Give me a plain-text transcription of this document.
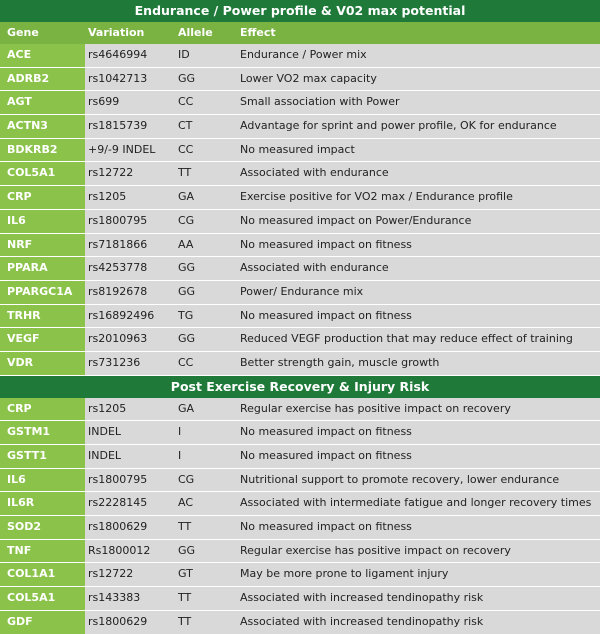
Endurance / Power profile & V02 max potential
Gene	Variation	Allele	Effect
ACE	rs4646994	ID	Endurance / Power mix
ADRB2	rs1042713	GG	Lower VO2 max capacity
AGT	rs699	CC	Small association with Power
ACTN3	rs1815739	CT	Advantage for sprint and power profile, OK for endurance
BDKRB2	+9/-9 INDEL	CC	No measured impact
COL5A1	rs12722	TT	Associated with endurance
CRP	rs1205	GA	Exercise positive for VO2 max / Endurance profile
IL6	rs1800795	CG	No measured impact on Power/Endurance
NRF	rs7181866	AA	No measured impact on fitness
PPARA	rs4253778	GG	Associated with endurance
PPARGC1A	rs8192678	GG	Power/ Endurance mix
TRHR	rs16892496	TG	No measured impact on fitness
VEGF	rs2010963	GG	Reduced VEGF production that may reduce effect of training
VDR	rs731236	CC	Better strength gain, muscle growth
Post Exercise Recovery & Injury Risk
CRP	rs1205	GA	Regular exercise has positive impact on recovery
GSTM1	INDEL	I	No measured impact on fitness
GSTT1	INDEL	I	No measured impact on fitness
IL6	rs1800795	CG	Nutritional support to promote recovery, lower endurance
IL6R	rs2228145	AC	Associated with intermediate fatigue and longer recovery times
SOD2	rs1800629	TT	No measured impact on fitness
TNF	Rs1800012	GG	Regular exercise has positive impact on recovery
COL1A1	rs12722	GT	May be more prone to ligament injury
COL5A1	rs143383	TT	Associated with increased tendinopathy risk
GDF	rs1800629	TT	Associated with increased tendinopathy risk
